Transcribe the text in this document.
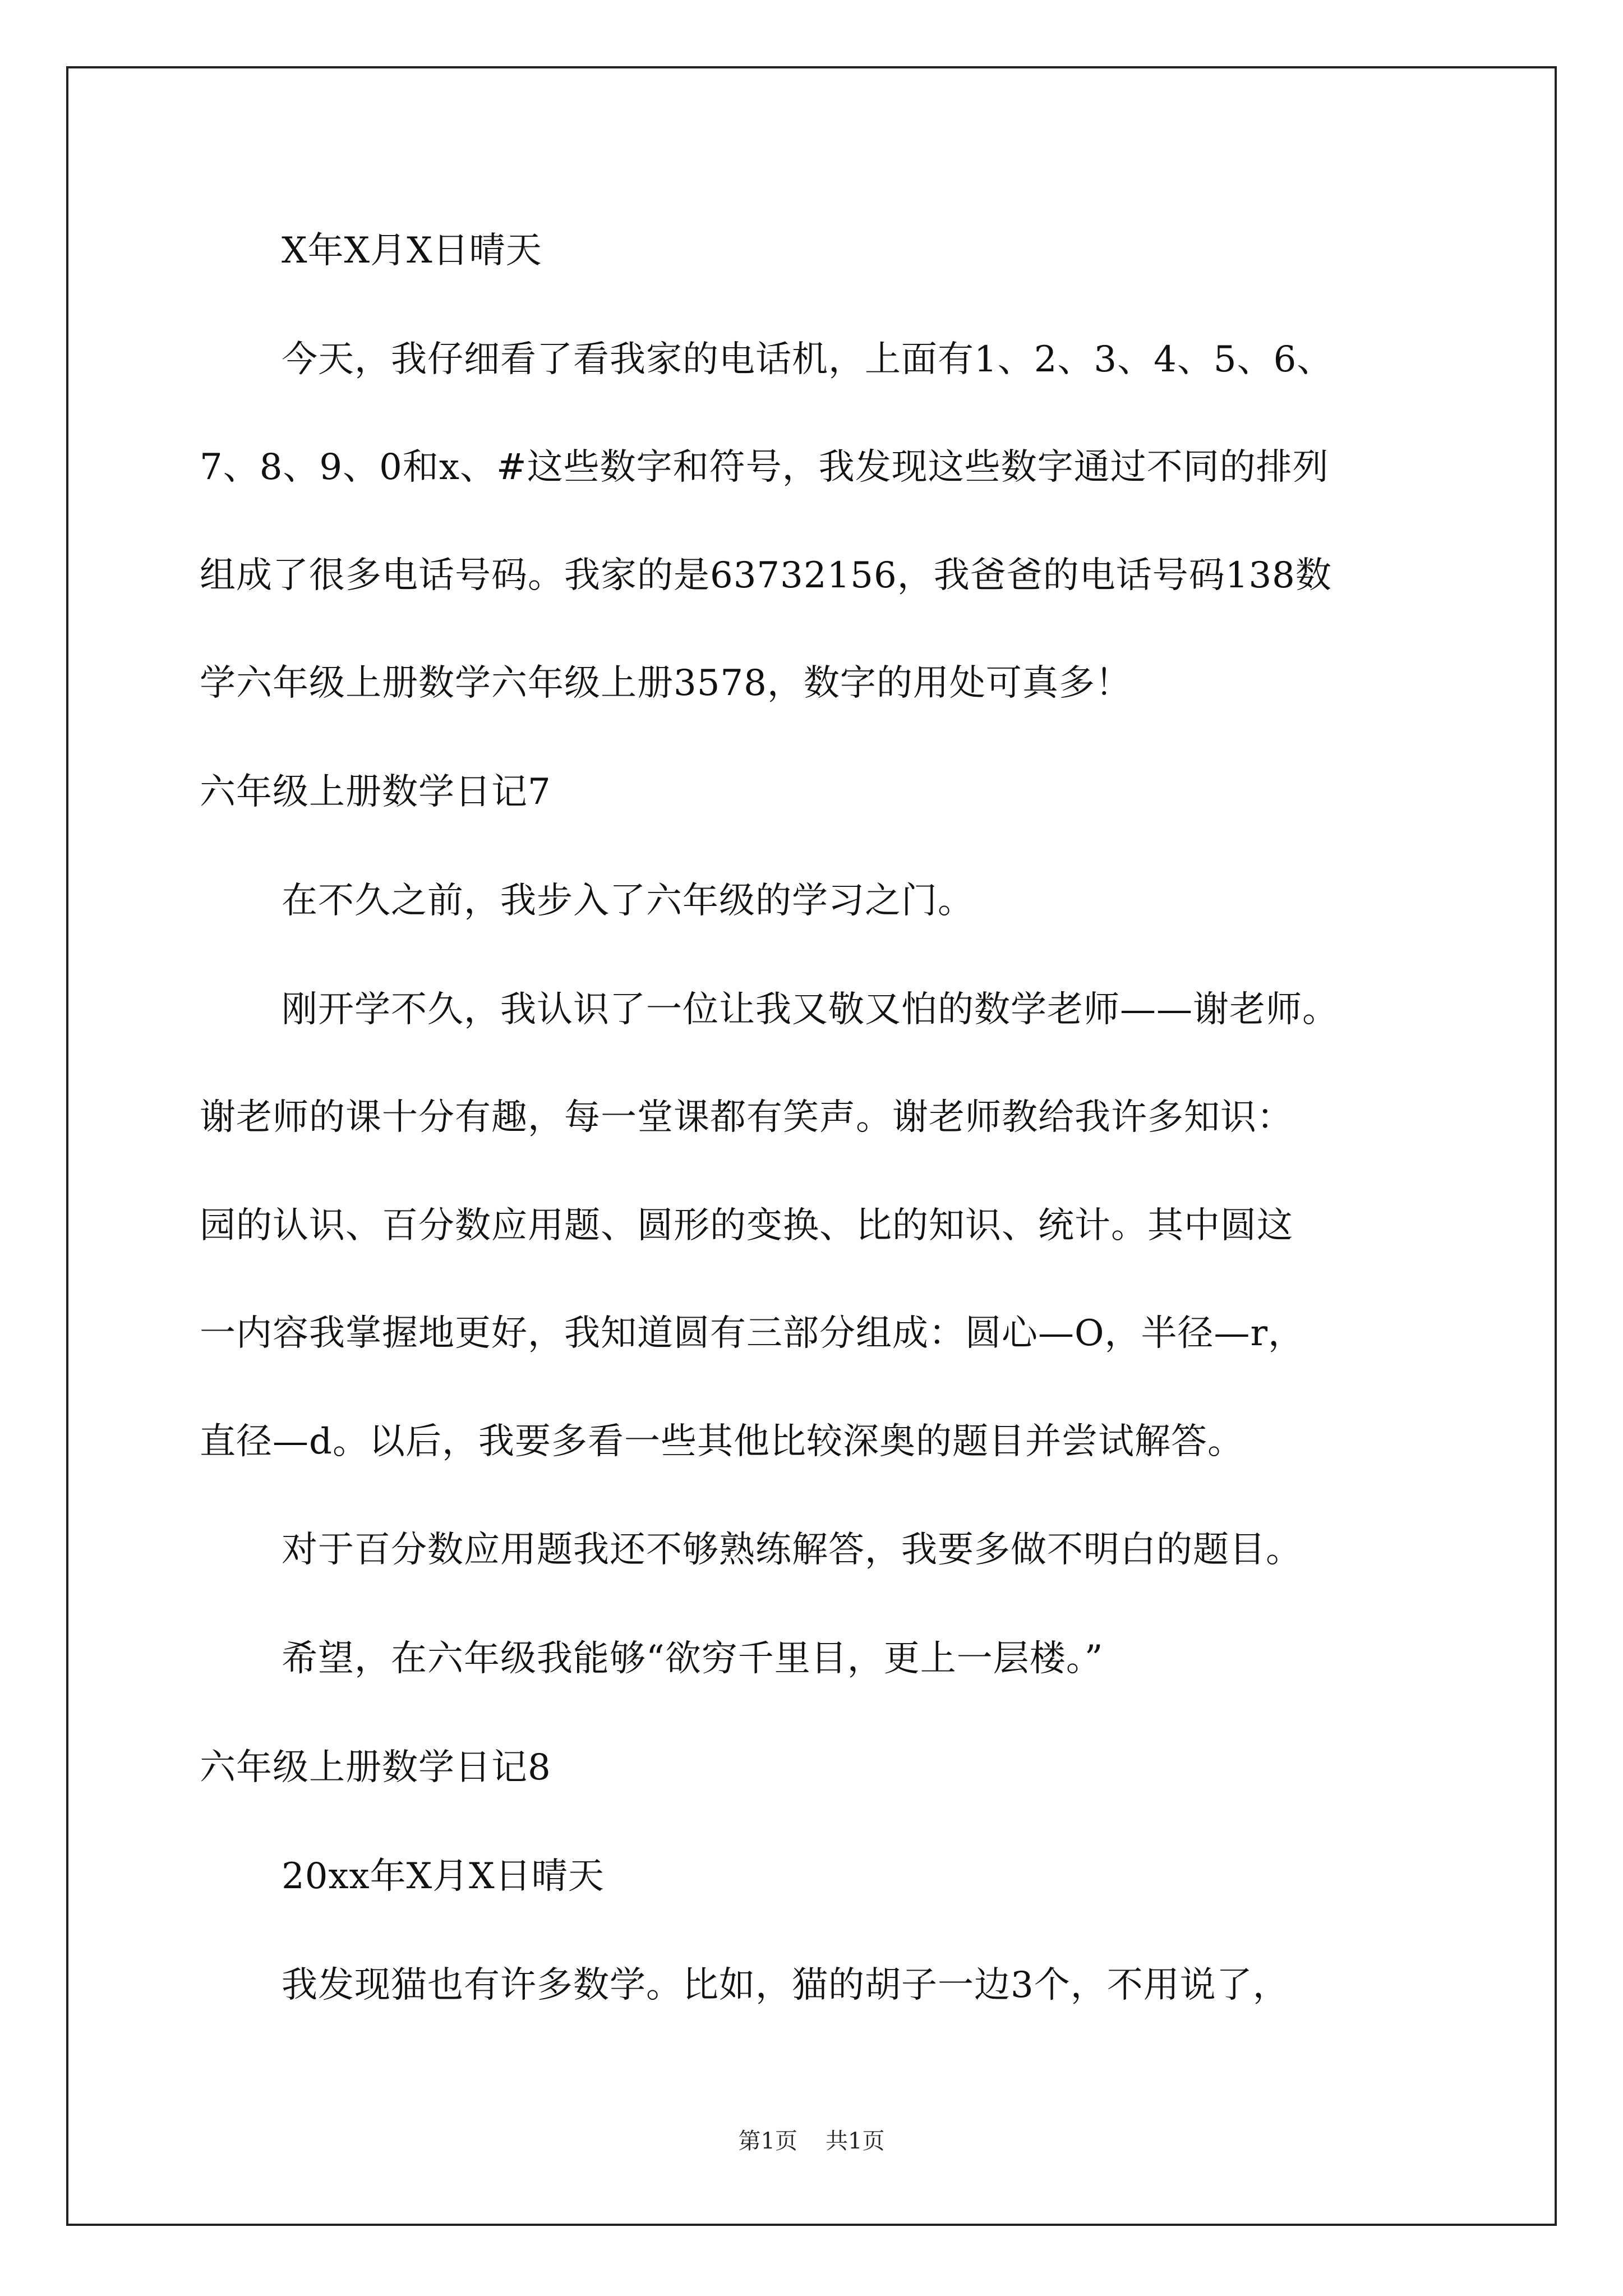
X年X月X日晴天
今天，我仔细看了看我家的电话机，上面有1、2、3、4、5、6、
7、8、9、0和x、#这些数字和符号，我发现这些数字通过不同的排列
组成了很多电话号码。我家的是63732156，我爸爸的电话号码138数
学六年级上册数学六年级上册3578，数字的用处可真多！
六年级上册数学日记7
在不久之前，我步入了六年级的学习之门。
刚开学不久，我认识了一位让我又敬又怕的数学老师——谢老师。
谢老师的课十分有趣，每一堂课都有笑声。谢老师教给我许多知识：
园的认识、百分数应用题、圆形的变换、比的知识、统计。其中圆这
一内容我掌握地更好，我知道圆有三部分组成：圆心—O，半径—r，
直径—d。以后，我要多看一些其他比较深奥的题目并尝试解答。
对于百分数应用题我还不够熟练解答，我要多做不明白的题目。
希望，在六年级我能够“欲穷千里目，更上一层楼。”
六年级上册数学日记8
20xx年X月X日晴天
我发现猫也有许多数学。比如，猫的胡子一边3个，不用说了，
第1页 共1页
